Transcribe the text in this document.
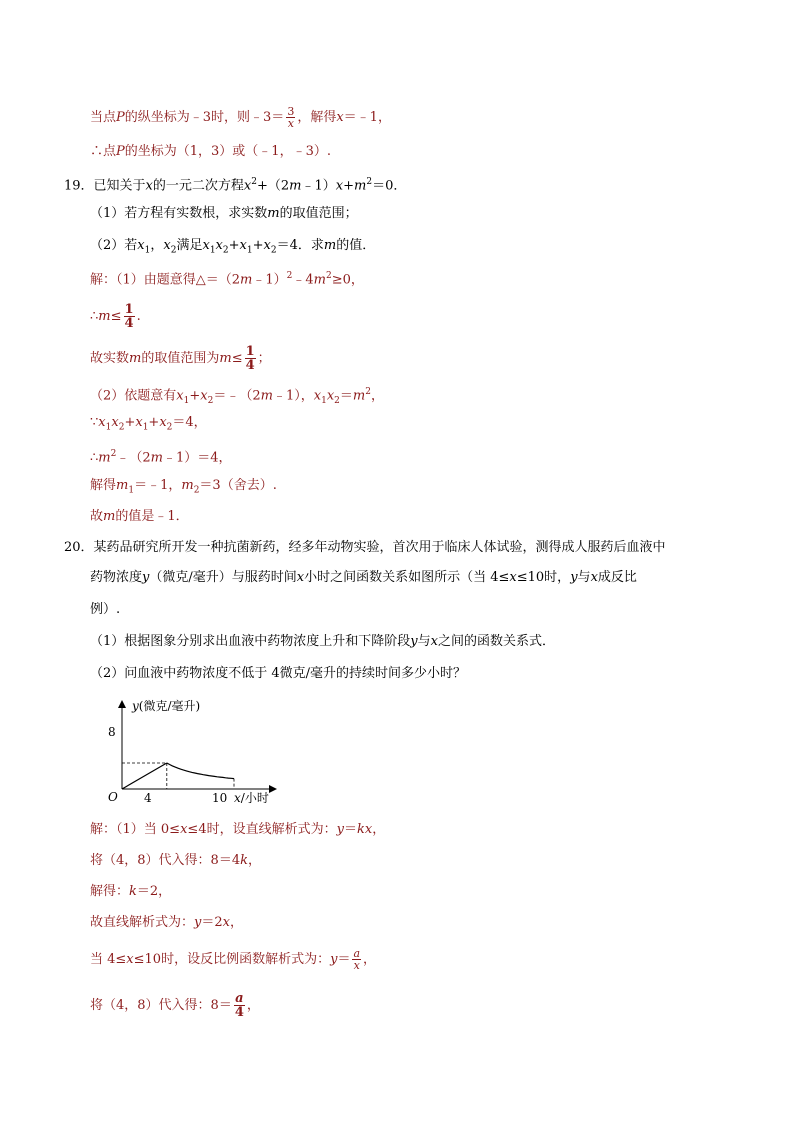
当点P的纵坐标为﹣3时，则﹣3＝ $\frac{3}{x}$ ，解得x＝﹣1，
∴点P的坐标为（1，3）或（﹣1，﹣3）.
19．已知关于x的一元二次方程$x^2+(2m﹣1)x+m^2=0$．
（1）若方程有实数根，求实数m的取值范围；
（2）若$x_1$，$x_2$满足$x_1x_2+x_1+x_2=4$．求m的值．
解：（1）由题意得$\triangle=(2m﹣1)^2﹣4m^2\ge 0$，
∴m≤ $\frac{1}{4}$ .
故实数m的取值范围为$m\le \frac{1}{4}$ ；
（2）依题意有$x_1+x_2=﹣(2m﹣1)$，$x_1x_2=m^2$，
$\because x_1x_2+x_1+x_2=4$，
$\therefore m^2﹣(2m﹣1)=4$，
解得$m_1=﹣1$，$m_2=3$（舍去）.
故m的值是﹣1．
20．某药品研究所开发一种抗菌新药，经多年动物实验，首次用于临床人体试验，测得成人服药后血液中
药物浓度y（微克/毫升）与服药时间x小时之间函数关系如图所示（当 4≤x≤10时，y与x成反比
例）.
（1）根据图象分别求出血液中药物浓度上升和下降阶段y与x之间的函数关系式．
（2）问血液中药物浓度不低于 4微克/毫升的持续时间多少小时？
y(微克/毫升)
x/小时
O 4	10
8
解：（1）当 0≤x≤4时，设直线解析式为：y＝kx，
将（4，8）代入得：8＝4k，
解得：k＝2，
故直线解析式为：y＝2x，
当 4≤x≤10时，设反比例函数解析式为：$y= \frac{a}{x}$ ，
将（4，8）代入得：$8= \frac{a}{4}$ ，
